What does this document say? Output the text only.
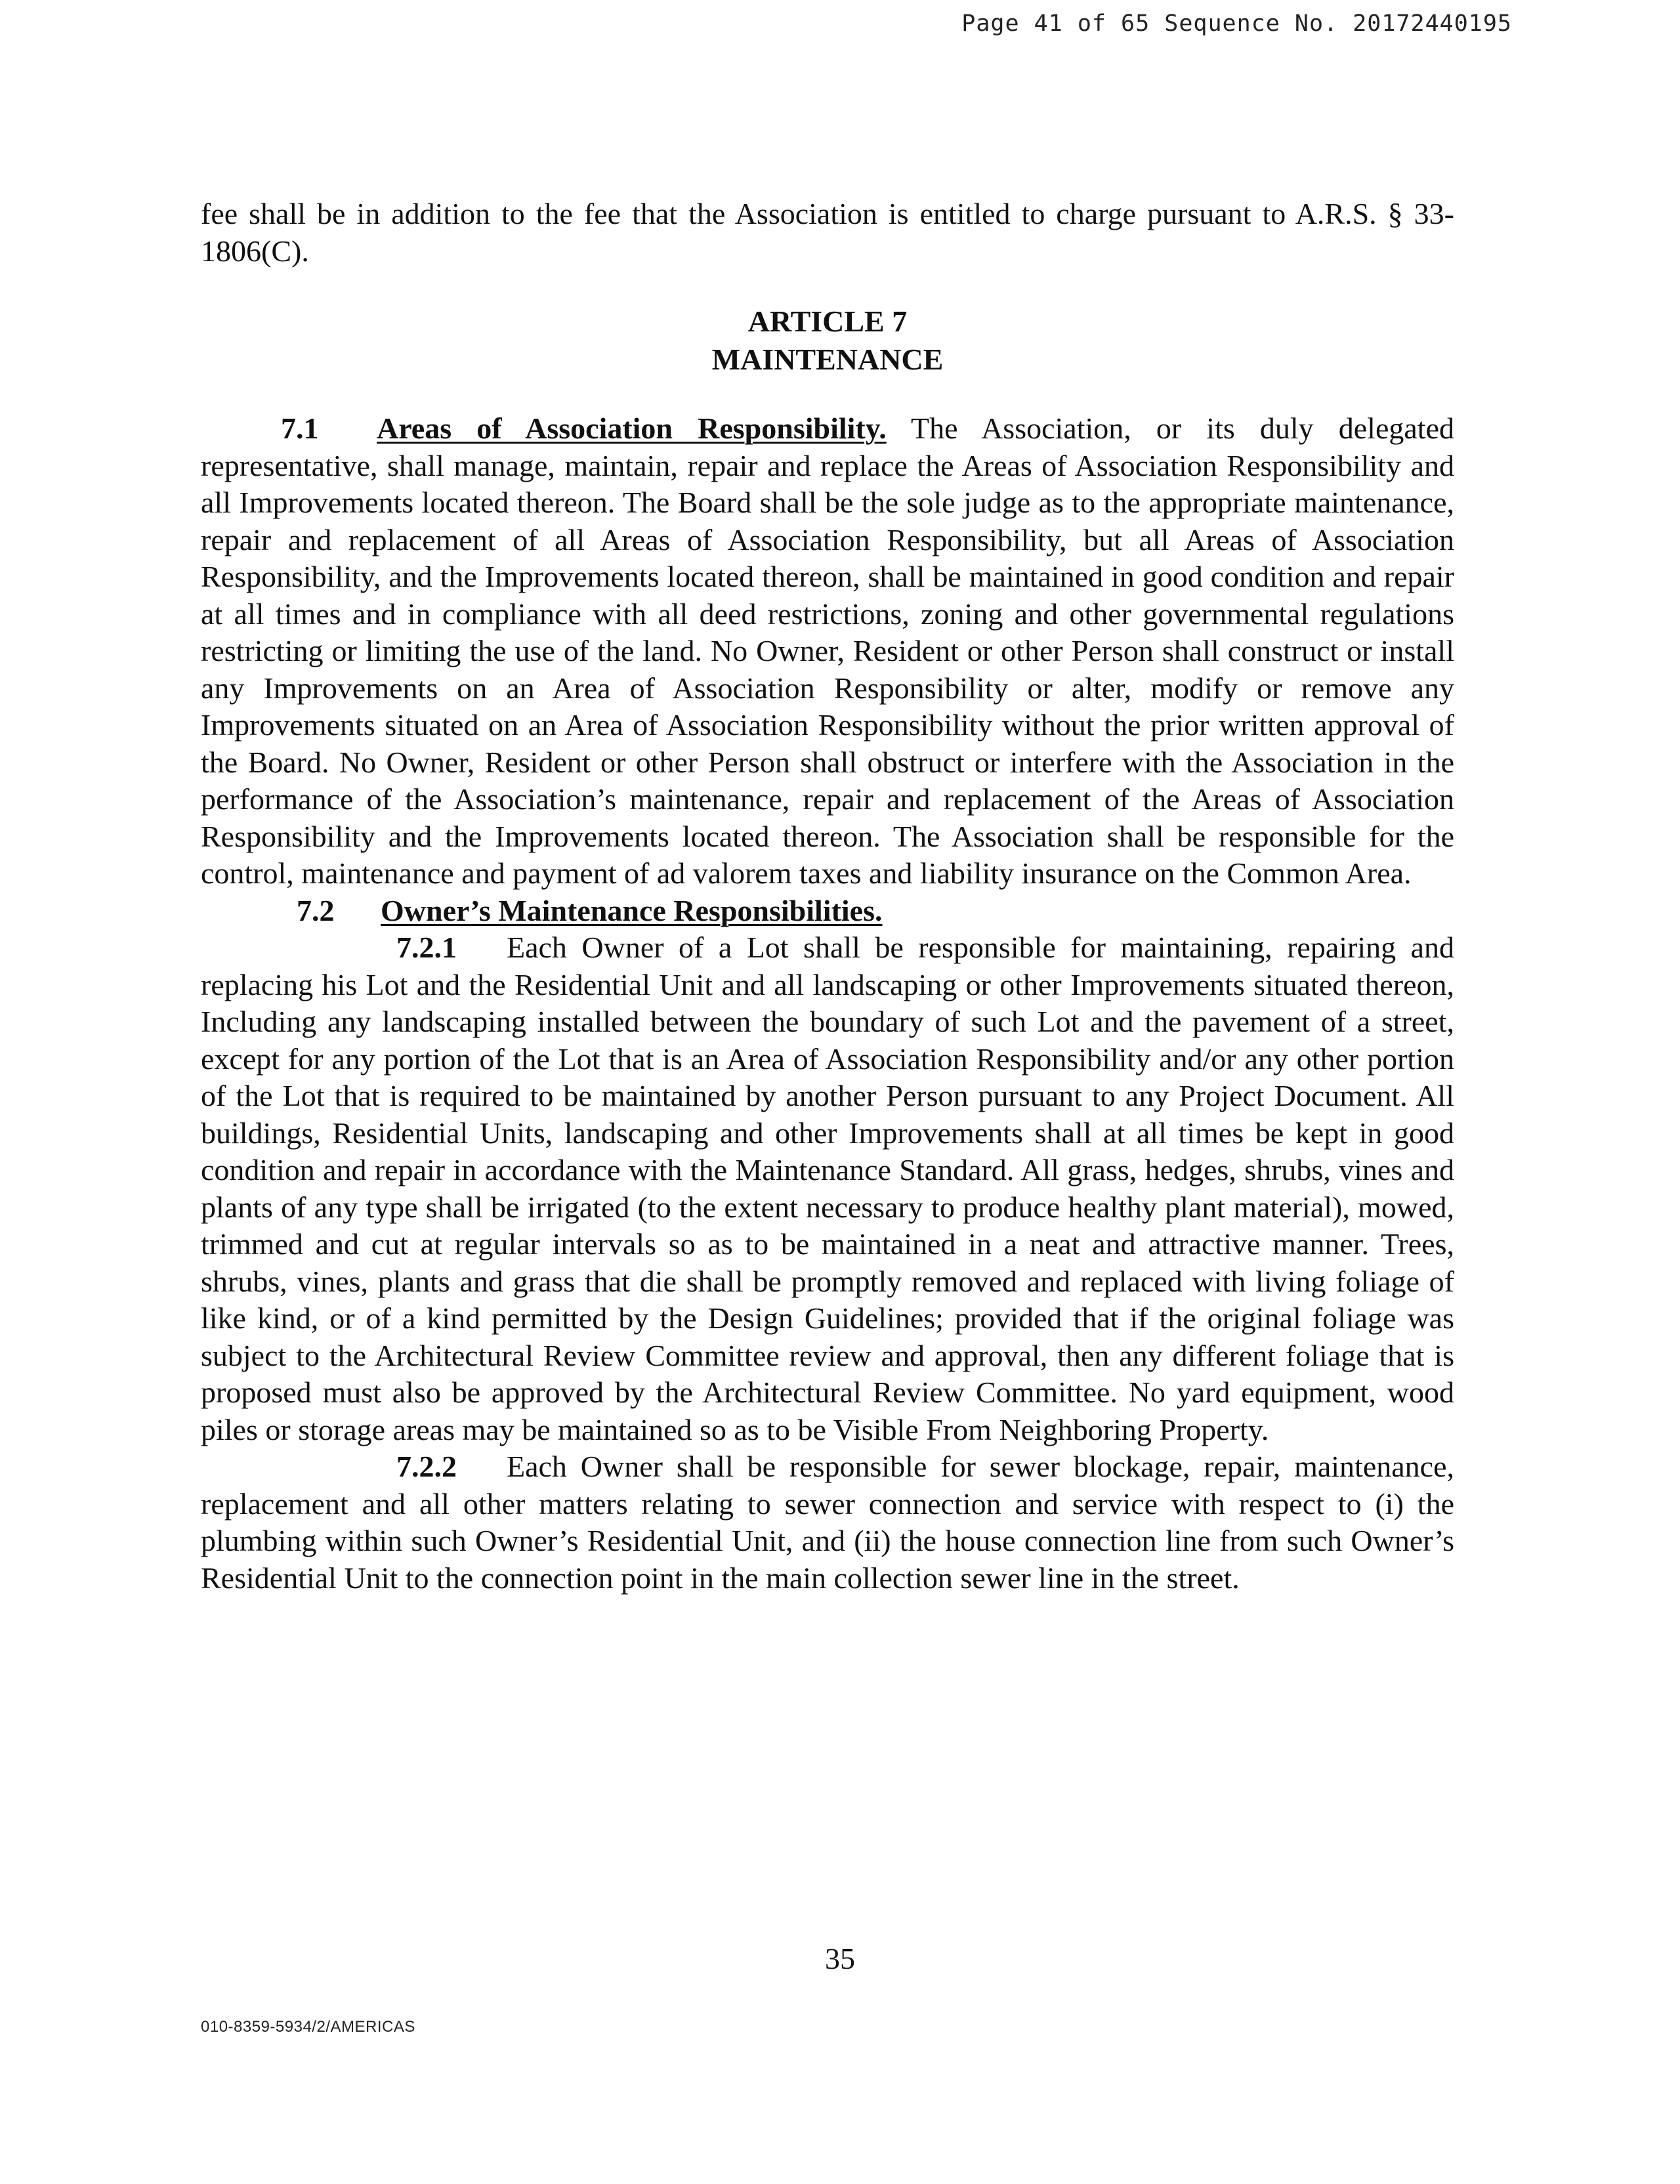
Page 41 of 65 Sequence No. 20172440195

fee shall be in addition to the fee that the Association is entitled to charge pursuant to A.R.S. § 33-1806(C).

ARTICLE 7
MAINTENANCE

7.1 Areas of Association Responsibility. The Association, or its duly delegated representative, shall manage, maintain, repair and replace the Areas of Association Responsibility and all Improvements located thereon. The Board shall be the sole judge as to the appropriate maintenance, repair and replacement of all Areas of Association Responsibility, but all Areas of Association Responsibility, and the Improvements located thereon, shall be maintained in good condition and repair at all times and in compliance with all deed restrictions, zoning and other governmental regulations restricting or limiting the use of the land. No Owner, Resident or other Person shall construct or install any Improvements on an Area of Association Responsibility or alter, modify or remove any Improvements situated on an Area of Association Responsibility without the prior written approval of the Board. No Owner, Resident or other Person shall obstruct or interfere with the Association in the performance of the Association’s maintenance, repair and replacement of the Areas of Association Responsibility and the Improvements located thereon. The Association shall be responsible for the control, maintenance and payment of ad valorem taxes and liability insurance on the Common Area.

7.2 Owner’s Maintenance Responsibilities.

7.2.1 Each Owner of a Lot shall be responsible for maintaining, repairing and replacing his Lot and the Residential Unit and all landscaping or other Improvements situated thereon, Including any landscaping installed between the boundary of such Lot and the pavement of a street, except for any portion of the Lot that is an Area of Association Responsibility and/or any other portion of the Lot that is required to be maintained by another Person pursuant to any Project Document. All buildings, Residential Units, landscaping and other Improvements shall at all times be kept in good condition and repair in accordance with the Maintenance Standard. All grass, hedges, shrubs, vines and plants of any type shall be irrigated (to the extent necessary to produce healthy plant material), mowed, trimmed and cut at regular intervals so as to be maintained in a neat and attractive manner. Trees, shrubs, vines, plants and grass that die shall be promptly removed and replaced with living foliage of like kind, or of a kind permitted by the Design Guidelines; provided that if the original foliage was subject to the Architectural Review Committee review and approval, then any different foliage that is proposed must also be approved by the Architectural Review Committee. No yard equipment, wood piles or storage areas may be maintained so as to be Visible From Neighboring Property.

7.2.2 Each Owner shall be responsible for sewer blockage, repair, maintenance, replacement and all other matters relating to sewer connection and service with respect to (i) the plumbing within such Owner’s Residential Unit, and (ii) the house connection line from such Owner’s Residential Unit to the connection point in the main collection sewer line in the street.

35
010-8359-5934/2/AMERICAS
